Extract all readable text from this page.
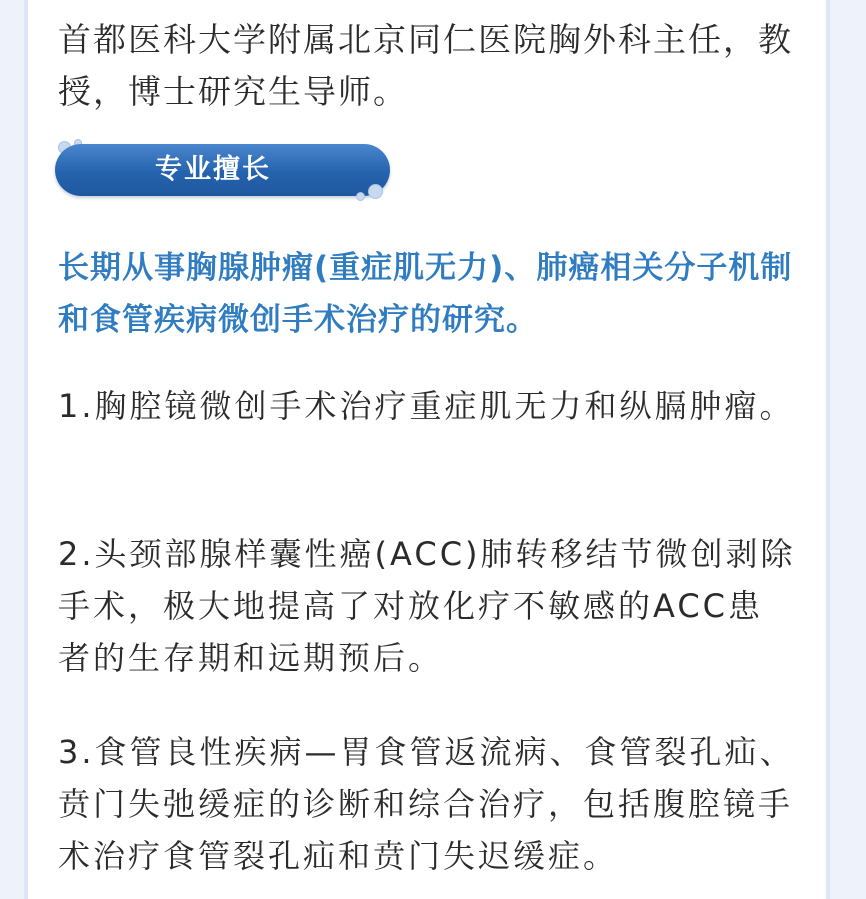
首都医科大学附属北京同仁医院胸外科主任，教授，博士研究生导师。

专业擅长

长期从事胸腺肿瘤(重症肌无力)、肺癌相关分子机制和食管疾病微创手术治疗的研究。

1.胸腔镜微创手术治疗重症肌无力和纵膈肿瘤。

2.头颈部腺样囊性癌(ACC)肺转移结节微创剥除手术，极大地提高了对放化疗不敏感的ACC患者的生存期和远期预后。

3.食管良性疾病—胃食管返流病、食管裂孔疝、贲门失弛缓症的诊断和综合治疗，包括腹腔镜手术治疗食管裂孔疝和贲门失迟缓症。
